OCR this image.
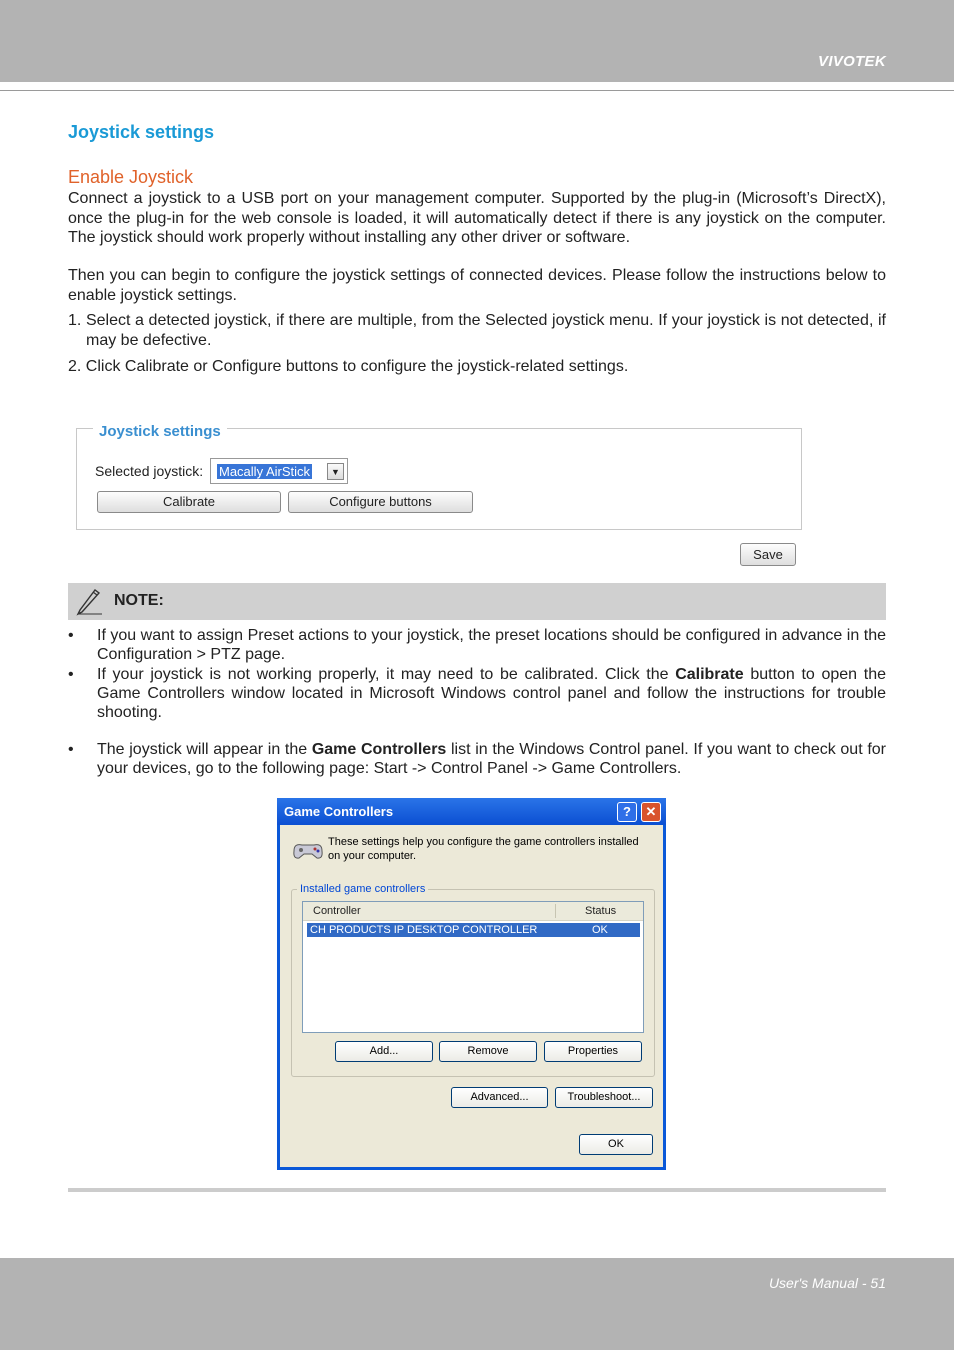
VIVOTEK
Joystick settings
Enable Joystick
Connect a joystick to a USB port on your management computer. Supported by the plug-in (Microsoft’s DirectX), once the plug-in for the web console is loaded, it will automatically detect if there is any joystick on the computer. The joystick should work properly without installing any other driver or software.
Then you can begin to configure the joystick settings of connected devices. Please follow the instructions below to enable joystick settings.
1. Select a detected joystick, if there are multiple, from the Selected joystick menu. If your joystick is not detected, if may be defective.
2. Click Calibrate or Configure buttons to configure the joystick-related settings.
Joystick settings
Selected joystick: Macally AirStick	▼
Calibrate	Configure buttons
Save
NOTE:
• If you want to assign Preset actions to your joystick, the preset locations should be configured in advance in the Configuration > PTZ page.
• If your joystick is not working properly, it may need to be calibrated. Click the Calibrate button to open the Game Controllers window located in Microsoft Windows control panel and follow the instructions for trouble shooting.
• The joystick will appear in the Game Controllers list in the Windows Control panel. If you want to check out for your devices, go to the following page: Start -> Control Panel -> Game Controllers.
Game Controllers	?	✕
These settings help you configure the game controllers installed on your computer.
Installed game controllers
Controller	Status
CH PRODUCTS IP DESKTOP CONTROLLER	OK
Add...	Remove	Properties
Advanced...	Troubleshoot...
OK
User's Manual - 51
